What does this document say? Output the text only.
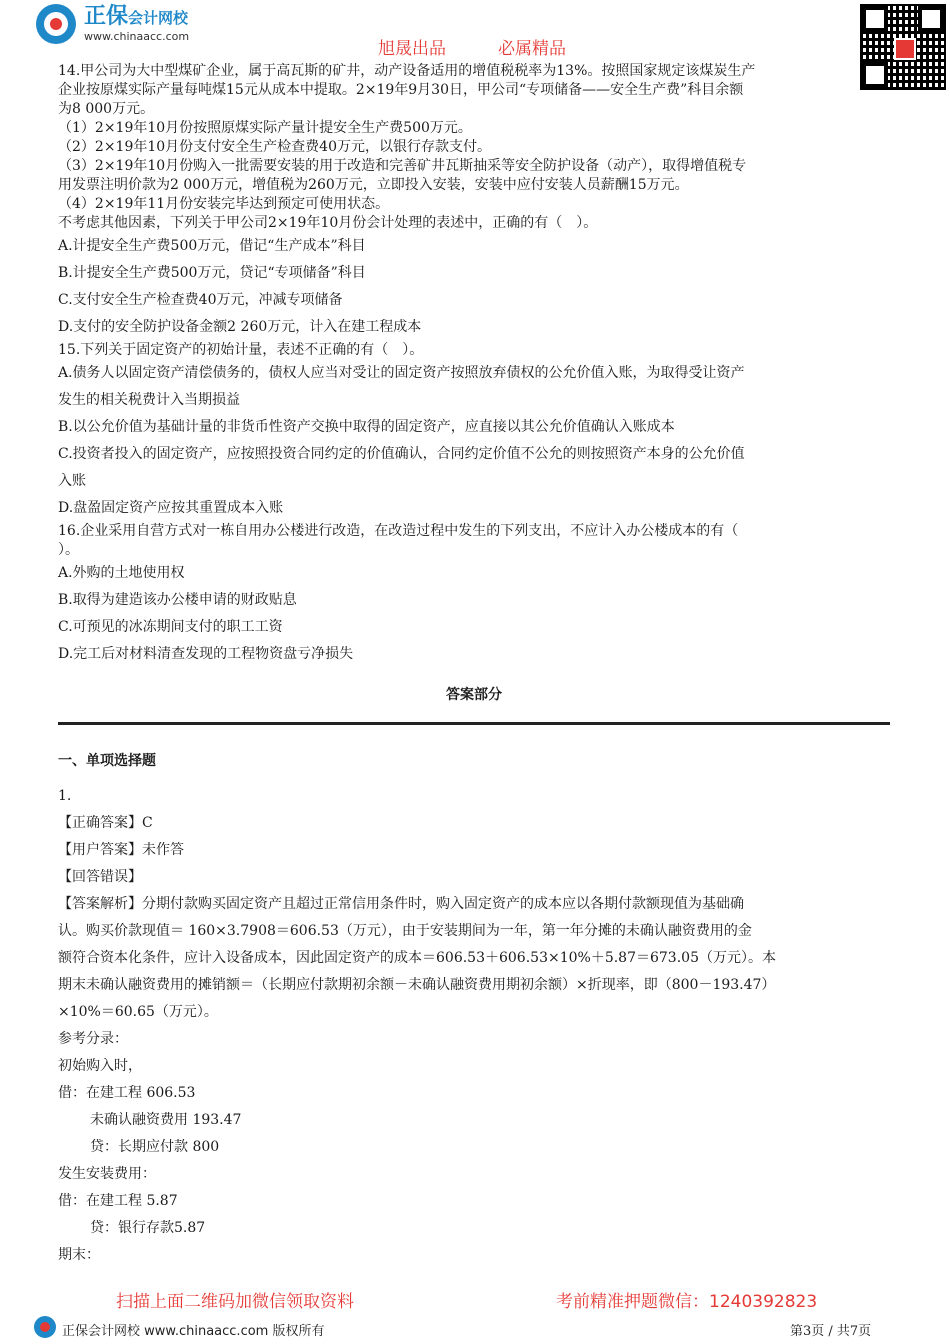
正保会计网校
www.chinaacc.com
旭晟出品	必属精品
14.甲公司为大中型煤矿企业，属于高瓦斯的矿井，动产设备适用的增值税税率为13%。按照国家规定该煤炭生产
企业按原煤实际产量每吨煤15元从成本中提取。2×19年9月30日，甲公司“专项储备——安全生产费”科目余额
为8 000万元。
（1）2×19年10月份按照原煤实际产量计提安全生产费500万元。
（2）2×19年10月份支付安全生产检查费40万元，以银行存款支付。
（3）2×19年10月份购入一批需要安装的用于改造和完善矿井瓦斯抽采等安全防护设备（动产），取得增值税专
用发票注明价款为2 000万元，增值税为260万元，立即投入安装，安装中应付安装人员薪酬15万元。
（4）2×19年11月份安装完毕达到预定可使用状态。
不考虑其他因素，下列关于甲公司2×19年10月份会计处理的表述中，正确的有（　）。
A.计提安全生产费500万元，借记“生产成本”科目
B.计提安全生产费500万元，贷记“专项储备”科目
C.支付安全生产检查费40万元，冲减专项储备
D.支付的安全防护设备金额2 260万元，计入在建工程成本
15.下列关于固定资产的初始计量，表述不正确的有（　）。
A.债务人以固定资产清偿债务的，债权人应当对受让的固定资产按照放弃债权的公允价值入账，为取得受让资产
发生的相关税费计入当期损益
B.以公允价值为基础计量的非货币性资产交换中取得的固定资产，应直接以其公允价值确认入账成本
C.投资者投入的固定资产，应按照投资合同约定的价值确认，合同约定价值不公允的则按照资产本身的公允价值
入账
D.盘盈固定资产应按其重置成本入账
16.企业采用自营方式对一栋自用办公楼进行改造，在改造过程中发生的下列支出，不应计入办公楼成本的有（
）。
A.外购的土地使用权
B.取得为建造该办公楼申请的财政贴息
C.可预见的冰冻期间支付的职工工资
D.完工后对材料清查发现的工程物资盘亏净损失
答案部分
一、单项选择题
1.
【正确答案】C
【用户答案】未作答
【回答错误】
【答案解析】分期付款购买固定资产且超过正常信用条件时，购入固定资产的成本应以各期付款额现值为基础确
认。购买价款现值＝ 160×3.7908＝606.53（万元），由于安装期间为一年，第一年分摊的未确认融资费用的金
额符合资本化条件，应计入设备成本，因此固定资产的成本＝606.53＋606.53×10%＋5.87＝673.05（万元）。本
期末未确认融资费用的摊销额＝（长期应付款期初余额－未确认融资费用期初余额）×折现率，即（800－193.47）
×10%＝60.65（万元）。
参考分录：
初始购入时，
借：在建工程 606.53
未确认融资费用 193.47
贷：长期应付款 800
发生安装费用：
借：在建工程 5.87
贷：银行存款5.87
期末：
扫描上面二维码加微信领取资料	考前精准押题微信：1240392823
正保会计网校 www.chinaacc.com 版权所有	第3页 / 共7页
